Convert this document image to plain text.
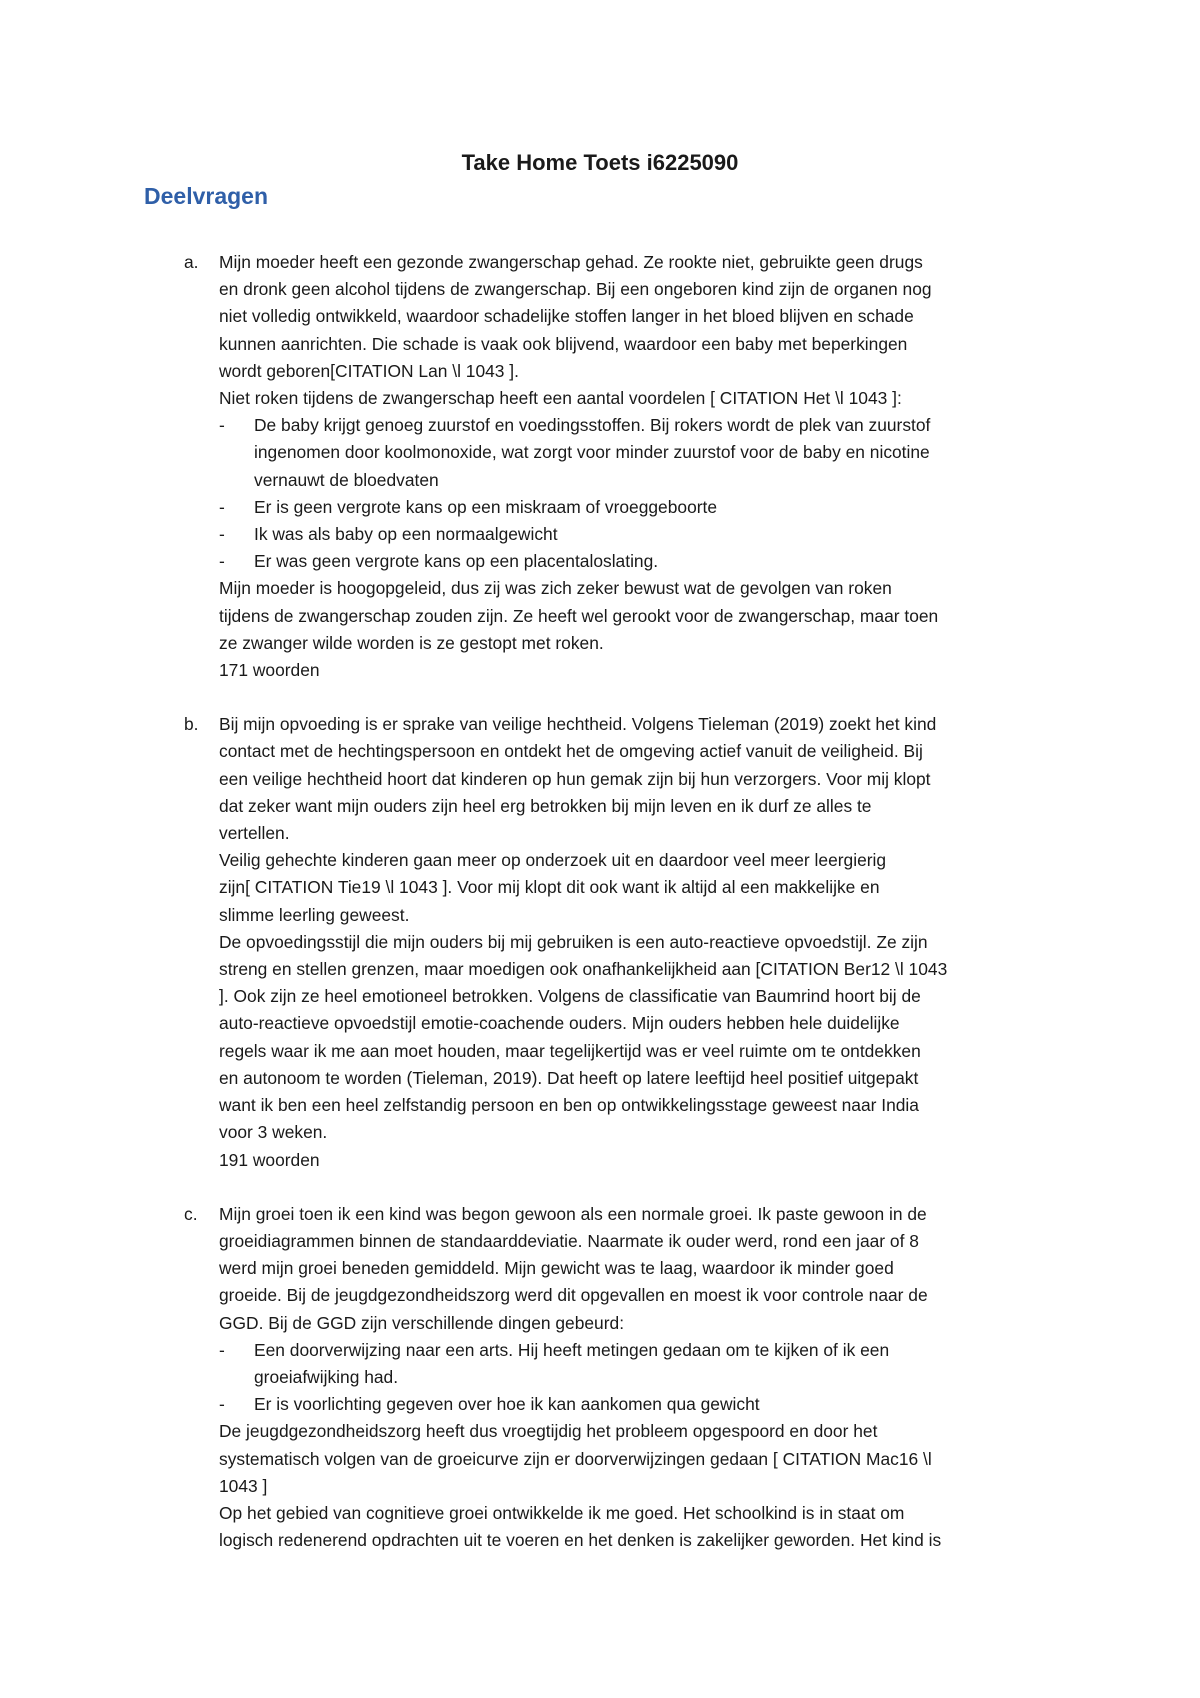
Take Home Toets i6225090
Deelvragen
a. Mijn moeder heeft een gezonde zwangerschap gehad. Ze rookte niet, gebruikte geen drugs
en dronk geen alcohol tijdens de zwangerschap. Bij een ongeboren kind zijn de organen nog
niet volledig ontwikkeld, waardoor schadelijke stoffen langer in het bloed blijven en schade
kunnen aanrichten. Die schade is vaak ook blijvend, waardoor een baby met beperkingen
wordt geboren[CITATION Lan \l 1043 ].
Niet roken tijdens de zwangerschap heeft een aantal voordelen [ CITATION Het \l 1043 ]:
- De baby krijgt genoeg zuurstof en voedingsstoffen. Bij rokers wordt de plek van zuurstof
ingenomen door koolmonoxide, wat zorgt voor minder zuurstof voor de baby en nicotine
vernauwt de bloedvaten
- Er is geen vergrote kans op een miskraam of vroeggeboorte
- Ik was als baby op een normaalgewicht
- Er was geen vergrote kans op een placentaloslating.
Mijn moeder is hoogopgeleid, dus zij was zich zeker bewust wat de gevolgen van roken
tijdens de zwangerschap zouden zijn. Ze heeft wel gerookt voor de zwangerschap, maar toen
ze zwanger wilde worden is ze gestopt met roken.
171 woorden
b. Bij mijn opvoeding is er sprake van veilige hechtheid. Volgens Tieleman (2019) zoekt het kind
contact met de hechtingspersoon en ontdekt het de omgeving actief vanuit de veiligheid. Bij
een veilige hechtheid hoort dat kinderen op hun gemak zijn bij hun verzorgers. Voor mij klopt
dat zeker want mijn ouders zijn heel erg betrokken bij mijn leven en ik durf ze alles te
vertellen.
Veilig gehechte kinderen gaan meer op onderzoek uit en daardoor veel meer leergierig
zijn[ CITATION Tie19 \l 1043 ]. Voor mij klopt dit ook want ik altijd al een makkelijke en
slimme leerling geweest.
De opvoedingsstijl die mijn ouders bij mij gebruiken is een auto-reactieve opvoedstijl. Ze zijn
streng en stellen grenzen, maar moedigen ook onafhankelijkheid aan [CITATION Ber12 \l 1043
]. Ook zijn ze heel emotioneel betrokken. Volgens de classificatie van Baumrind hoort bij de
auto-reactieve opvoedstijl emotie-coachende ouders. Mijn ouders hebben hele duidelijke
regels waar ik me aan moet houden, maar tegelijkertijd was er veel ruimte om te ontdekken
en autonoom te worden (Tieleman, 2019). Dat heeft op latere leeftijd heel positief uitgepakt
want ik ben een heel zelfstandig persoon en ben op ontwikkelingsstage geweest naar India
voor 3 weken.
191 woorden
c. Mijn groei toen ik een kind was begon gewoon als een normale groei. Ik paste gewoon in de
groeidiagrammen binnen de standaarddeviatie. Naarmate ik ouder werd, rond een jaar of 8
werd mijn groei beneden gemiddeld. Mijn gewicht was te laag, waardoor ik minder goed
groeide. Bij de jeugdgezondheidszorg werd dit opgevallen en moest ik voor controle naar de
GGD. Bij de GGD zijn verschillende dingen gebeurd:
- Een doorverwijzing naar een arts. Hij heeft metingen gedaan om te kijken of ik een
groeiafwijking had.
- Er is voorlichting gegeven over hoe ik kan aankomen qua gewicht
De jeugdgezondheidszorg heeft dus vroegtijdig het probleem opgespoord en door het
systematisch volgen van de groeicurve zijn er doorverwijzingen gedaan [ CITATION Mac16 \l
1043 ]
Op het gebied van cognitieve groei ontwikkelde ik me goed. Het schoolkind is in staat om
logisch redenerend opdrachten uit te voeren en het denken is zakelijker geworden. Het kind is
